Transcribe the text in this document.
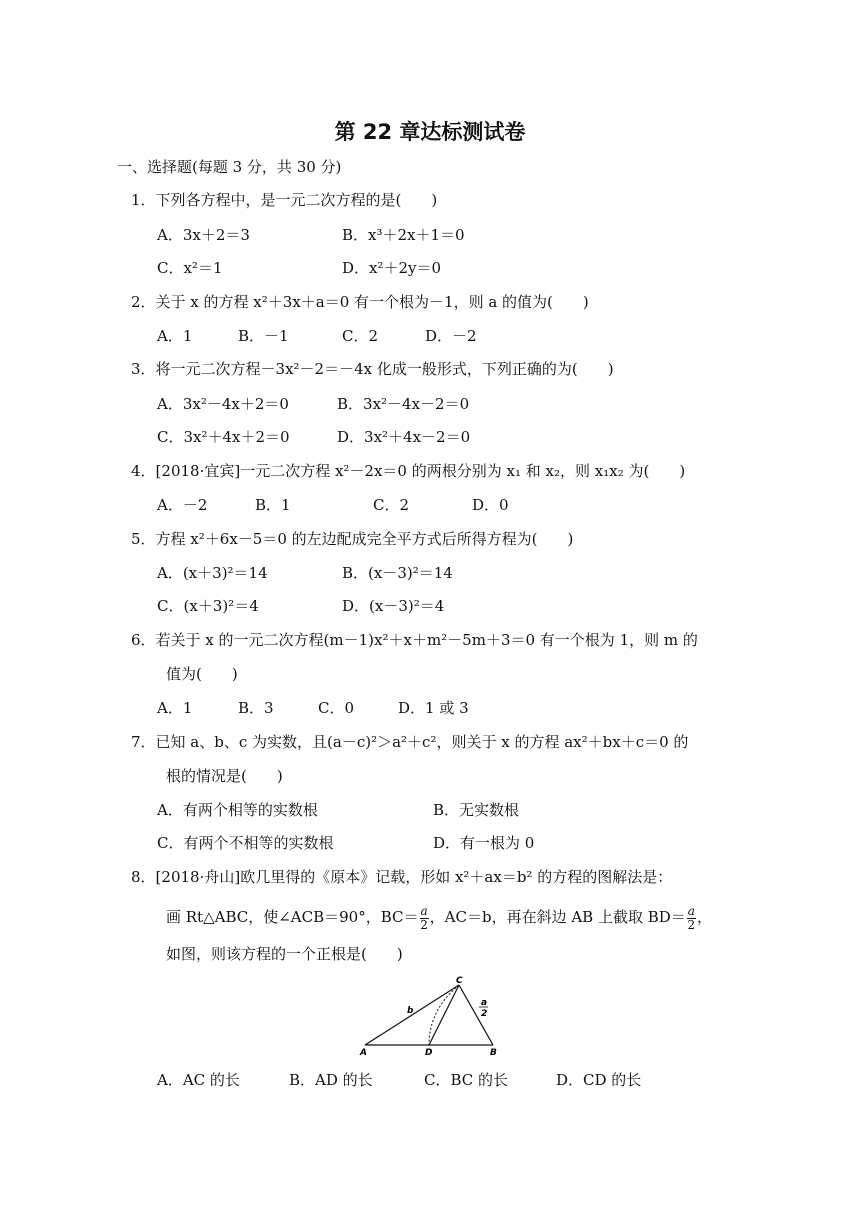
第 22 章达标测试卷
一、选择题(每题 3 分，共 30 分)
1．下列各方程中，是一元二次方程的是(　　)
A．3x＋2＝3	B．x³＋2x＋1＝0
C．x²＝1	D．x²＋2y＝0
2．关于 x 的方程 x²＋3x＋a＝0 有一个根为－1，则 a 的值为(　　)
A．1	B．－1	C．2	D．－2
3．将一元二次方程－3x²－2＝－4x 化成一般形式，下列正确的为(　　)
A．3x²－4x＋2＝0	B．3x²－4x－2＝0
C．3x²＋4x＋2＝0	D．3x²＋4x－2＝0
4．[2018·宜宾]一元二次方程 x²－2x＝0 的两根分别为 x₁ 和 x₂，则 x₁x₂ 为(　　)
A．－2	B．1	C．2	D．0
5．方程 x²＋6x－5＝0 的左边配成完全平方式后所得方程为(　　)
A．(x＋3)²＝14	B．(x－3)²＝14
C．(x＋3)²＝4	D．(x－3)²＝4
6．若关于 x 的一元二次方程(m－1)x²＋x＋m²－5m＋3＝0 有一个根为 1，则 m 的
值为(　　)
A．1	B．3	C．0	D．1 或 3
7．已知 a、b、c 为实数，且(a－c)²＞a²＋c²，则关于 x 的方程 ax²＋bx＋c＝0 的
根的情况是(　　)
A．有两个相等的实数根	B．无实数根
C．有两个不相等的实数根	D．有一根为 0
8．[2018·舟山]欧几里得的《原本》记载，形如 x²＋ax＝b² 的方程的图解法是：
画 Rt△ABC，使∠ACB＝90°，$BC= \frac{a}{2}$ ，AC＝b，再在斜边 AB 上截取 $BD= \frac{a}{2}$ ，
如图，则该方程的一个正根是(　　)
C
A	D	B
b
a
2
A．AC 的长	B．AD 的长	C．BC 的长	D．CD 的长
